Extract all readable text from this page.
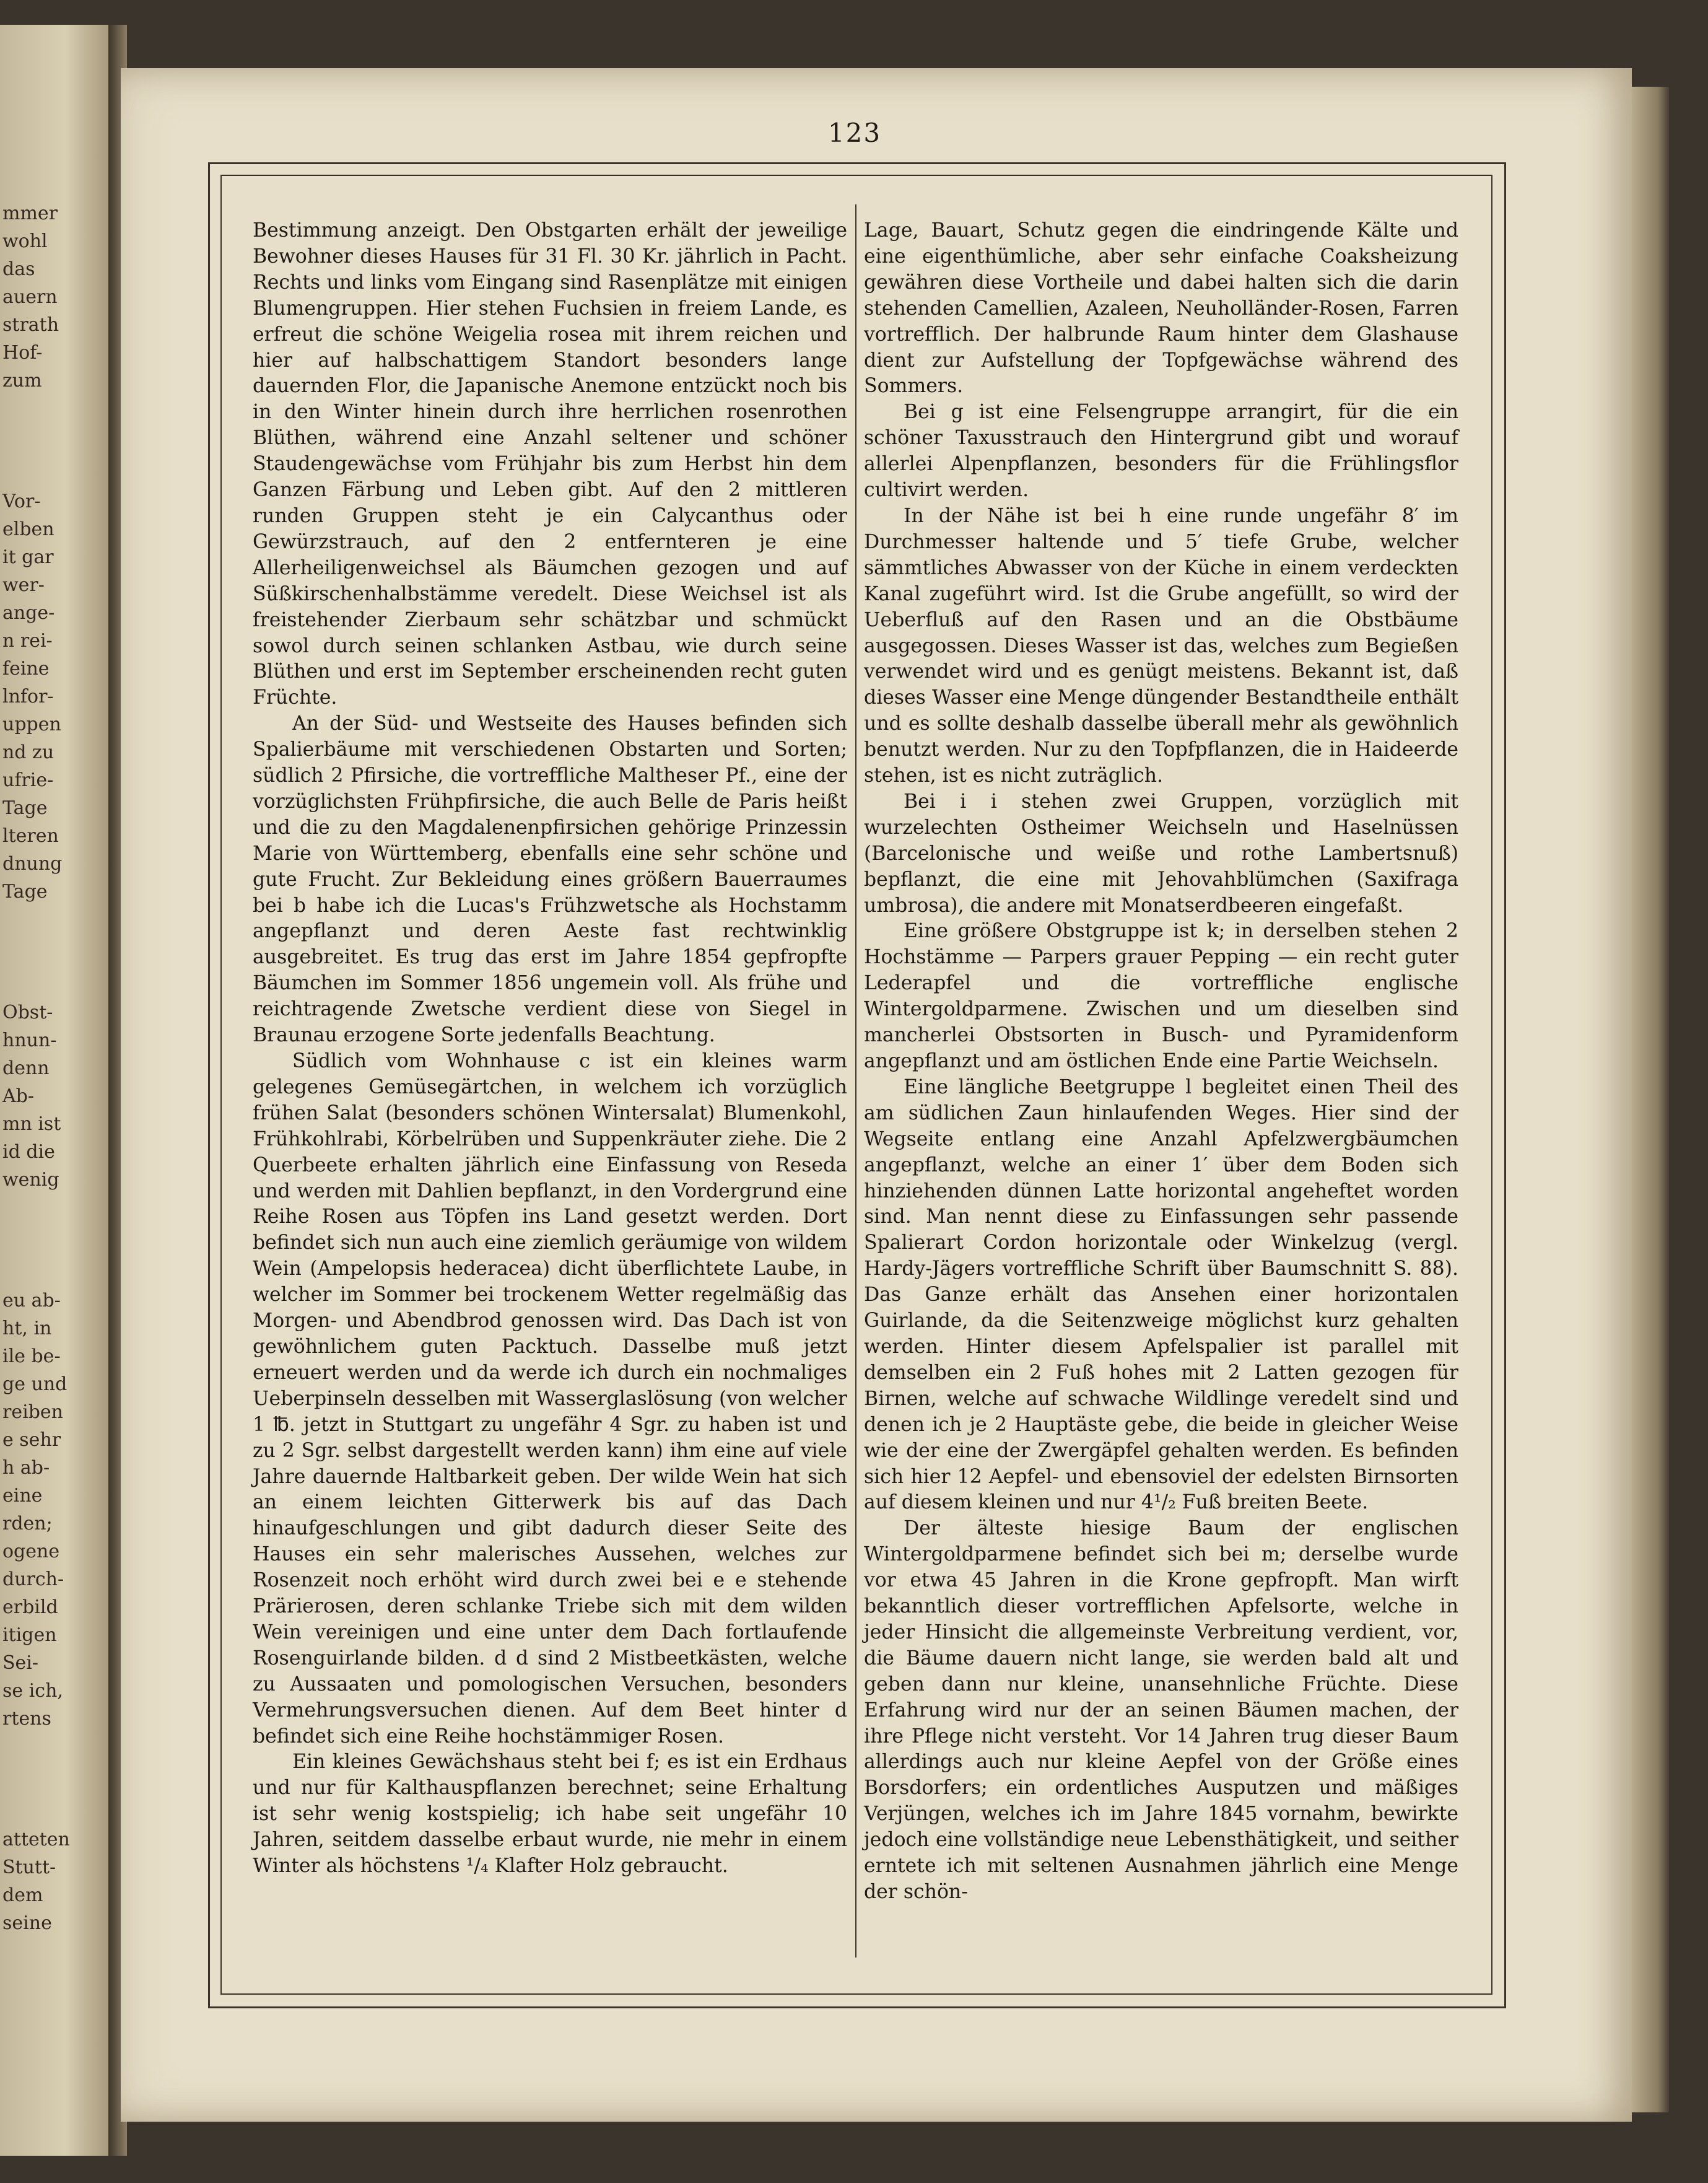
123

Bestimmung anzeigt. Den Obstgarten erhält der jeweilige Bewohner dieses Hauses für 31 Fl. 30 Kr. jährlich in Pacht. Rechts und links vom Eingang sind Rasenplätze mit einigen Blumengruppen. Hier stehen Fuchsien in freiem Lande, es erfreut die schöne Weigelia rosea mit ihrem reichen und hier auf halbschattigem Standort besonders lange dauernden Flor, die Japanische Anemone entzückt noch bis in den Winter hinein durch ihre herrlichen rosenrothen Blüthen, während eine Anzahl seltener und schöner Staudengewächse vom Frühjahr bis zum Herbst hin dem Ganzen Färbung und Leben gibt. Auf den 2 mittleren runden Gruppen steht je ein Calycanthus oder Gewürzstrauch, auf den 2 entfernteren je eine Allerheiligenweichsel als Bäumchen gezogen und auf Süßkirschenhalbstämme veredelt. Diese Weichsel ist als freistehender Zierbaum sehr schätzbar und schmückt sowol durch seinen schlanken Astbau, wie durch seine Blüthen und erst im September erscheinenden recht guten Früchte.

An der Süd- und Westseite des Hauses befinden sich Spalierbäume mit verschiedenen Obstarten und Sorten; südlich 2 Pfirsiche, die vortreffliche Maltheser Pf., eine der vorzüglichsten Frühpfirsiche, die auch Belle de Paris heißt und die zu den Magdalenenpfirsichen gehörige Prinzessin Marie von Württemberg, ebenfalls eine sehr schöne und gute Frucht. Zur Bekleidung eines größern Bauerraumes bei b habe ich die Lucas's Frühzwetsche als Hochstamm angepflanzt und deren Aeste fast rechtwinklig ausgebreitet. Es trug das erst im Jahre 1854 gepfropfte Bäumchen im Sommer 1856 ungemein voll. Als frühe und reichtragende Zwetsche verdient diese von Siegel in Braunau erzogene Sorte jedenfalls Beachtung.

Südlich vom Wohnhause c ist ein kleines warm gelegenes Gemüsegärtchen, in welchem ich vorzüglich frühen Salat (besonders schönen Wintersalat) Blumenkohl, Frühkohlrabi, Körbelrüben und Suppenkräuter ziehe. Die 2 Querbeete erhalten jährlich eine Einfassung von Reseda und werden mit Dahlien bepflanzt, in den Vordergrund eine Reihe Rosen aus Töpfen ins Land gesetzt werden. Dort befindet sich nun auch eine ziemlich geräumige von wildem Wein (Ampelopsis hederacea) dicht überflichtete Laube, in welcher im Sommer bei trockenem Wetter regelmäßig das Morgen- und Abendbrod genossen wird. Das Dach ist von gewöhnlichem guten Packtuch. Dasselbe muß jetzt erneuert werden und da werde ich durch ein nochmaliges Ueberpinseln desselben mit Wasserglaslösung (von welcher 1 ℔. jetzt in Stuttgart zu ungefähr 4 Sgr. zu haben ist und zu 2 Sgr. selbst dargestellt werden kann) ihm eine auf viele Jahre dauernde Haltbarkeit geben. Der wilde Wein hat sich an einem leichten Gitterwerk bis auf das Dach hinaufgeschlungen und gibt dadurch dieser Seite des Hauses ein sehr malerisches Aussehen, welches zur Rosenzeit noch erhöht wird durch zwei bei e e stehende Prärierosen, deren schlanke Triebe sich mit dem wilden Wein vereinigen und eine unter dem Dach fortlaufende Rosenguirlande bilden. d d sind 2 Mistbeetkästen, welche zu Aussaaten und pomologischen Versuchen, besonders Vermehrungsversuchen dienen. Auf dem Beet hinter d befindet sich eine Reihe hochstämmiger Rosen.

Ein kleines Gewächshaus steht bei f; es ist ein Erdhaus und nur für Kalthauspflanzen berechnet; seine Erhaltung ist sehr wenig kostspielig; ich habe seit ungefähr 10 Jahren, seitdem dasselbe erbaut wurde, nie mehr in einem Winter als höchstens ¹/₄ Klafter Holz gebraucht.

Lage, Bauart, Schutz gegen die eindringende Kälte und eine eigenthümliche, aber sehr einfache Coaksheizung gewähren diese Vortheile und dabei halten sich die darin stehenden Camellien, Azaleen, Neuholländer-Rosen, Farren vortrefflich. Der halbrunde Raum hinter dem Glashause dient zur Aufstellung der Topfgewächse während des Sommers.

Bei g ist eine Felsengruppe arrangirt, für die ein schöner Taxusstrauch den Hintergrund gibt und worauf allerlei Alpenpflanzen, besonders für die Frühlingsflor cultivirt werden.

In der Nähe ist bei h eine runde ungefähr 8′ im Durchmesser haltende und 5′ tiefe Grube, welcher sämmtliches Abwasser von der Küche in einem verdeckten Kanal zugeführt wird. Ist die Grube angefüllt, so wird der Ueberfluß auf den Rasen und an die Obstbäume ausgegossen. Dieses Wasser ist das, welches zum Begießen verwendet wird und es genügt meistens. Bekannt ist, daß dieses Wasser eine Menge düngender Bestandtheile enthält und es sollte deshalb dasselbe überall mehr als gewöhnlich benutzt werden. Nur zu den Topfpflanzen, die in Haideerde stehen, ist es nicht zuträglich.

Bei i i stehen zwei Gruppen, vorzüglich mit wurzelechten Ostheimer Weichseln und Haselnüssen (Barcelonische und weiße und rothe Lambertsnuß) bepflanzt, die eine mit Jehovahblümchen (Saxifraga umbrosa), die andere mit Monatserdbeeren eingefaßt.

Eine größere Obstgruppe ist k; in derselben stehen 2 Hochstämme — Parpers grauer Pepping — ein recht guter Lederapfel und die vortreffliche englische Wintergoldparmene. Zwischen und um dieselben sind mancherlei Obstsorten in Busch- und Pyramidenform angepflanzt und am östlichen Ende eine Partie Weichseln.

Eine längliche Beetgruppe l begleitet einen Theil des am südlichen Zaun hinlaufenden Weges. Hier sind der Wegseite entlang eine Anzahl Apfelzwergbäumchen angepflanzt, welche an einer 1′ über dem Boden sich hinziehenden dünnen Latte horizontal angeheftet worden sind. Man nennt diese zu Einfassungen sehr passende Spalierart Cordon horizontale oder Winkelzug (vergl. Hardy-Jägers vortreffliche Schrift über Baumschnitt S. 88). Das Ganze erhält das Ansehen einer horizontalen Guirlande, da die Seitenzweige möglichst kurz gehalten werden. Hinter diesem Apfelspalier ist parallel mit demselben ein 2 Fuß hohes mit 2 Latten gezogen für Birnen, welche auf schwache Wildlinge veredelt sind und denen ich je 2 Hauptäste gebe, die beide in gleicher Weise wie der eine der Zwergäpfel gehalten werden. Es befinden sich hier 12 Aepfel- und ebensoviel der edelsten Birnsorten auf diesem kleinen und nur 4¹/₂ Fuß breiten Beete.

Der älteste hiesige Baum der englischen Wintergoldparmene befindet sich bei m; derselbe wurde vor etwa 45 Jahren in die Krone gepfropft. Man wirft bekanntlich dieser vortrefflichen Apfelsorte, welche in jeder Hinsicht die allgemeinste Verbreitung verdient, vor, die Bäume dauern nicht lange, sie werden bald alt und geben dann nur kleine, unansehnliche Früchte. Diese Erfahrung wird nur der an seinen Bäumen machen, der ihre Pflege nicht versteht. Vor 14 Jahren trug dieser Baum allerdings auch nur kleine Aepfel von der Größe eines Borsdorfers; ein ordentliches Ausputzen und mäßiges Verjüngen, welches ich im Jahre 1845 vornahm, bewirkte jedoch eine vollständige neue Lebensthätigkeit, und seither erntete ich mit seltenen Ausnahmen jährlich eine Menge der schön-

mmer
wohl
das
auern
strath
Hof-
zum
Vor-
elben
it gar
wer-
ange-
n rei-
feine
lnfor-
uppen
nd zu
ufrie-
Tage
lteren
dnung
Tage
Obst-
hnun-
denn
Ab-
mn ist
id die
wenig
eu ab-
ht, in
ile be-
ge und
reiben
e sehr
h ab-
eine
rden;
ogene
durch-
erbild
itigen
Sei-
se ich,
rtens
atteten
Stutt-
dem
seine
